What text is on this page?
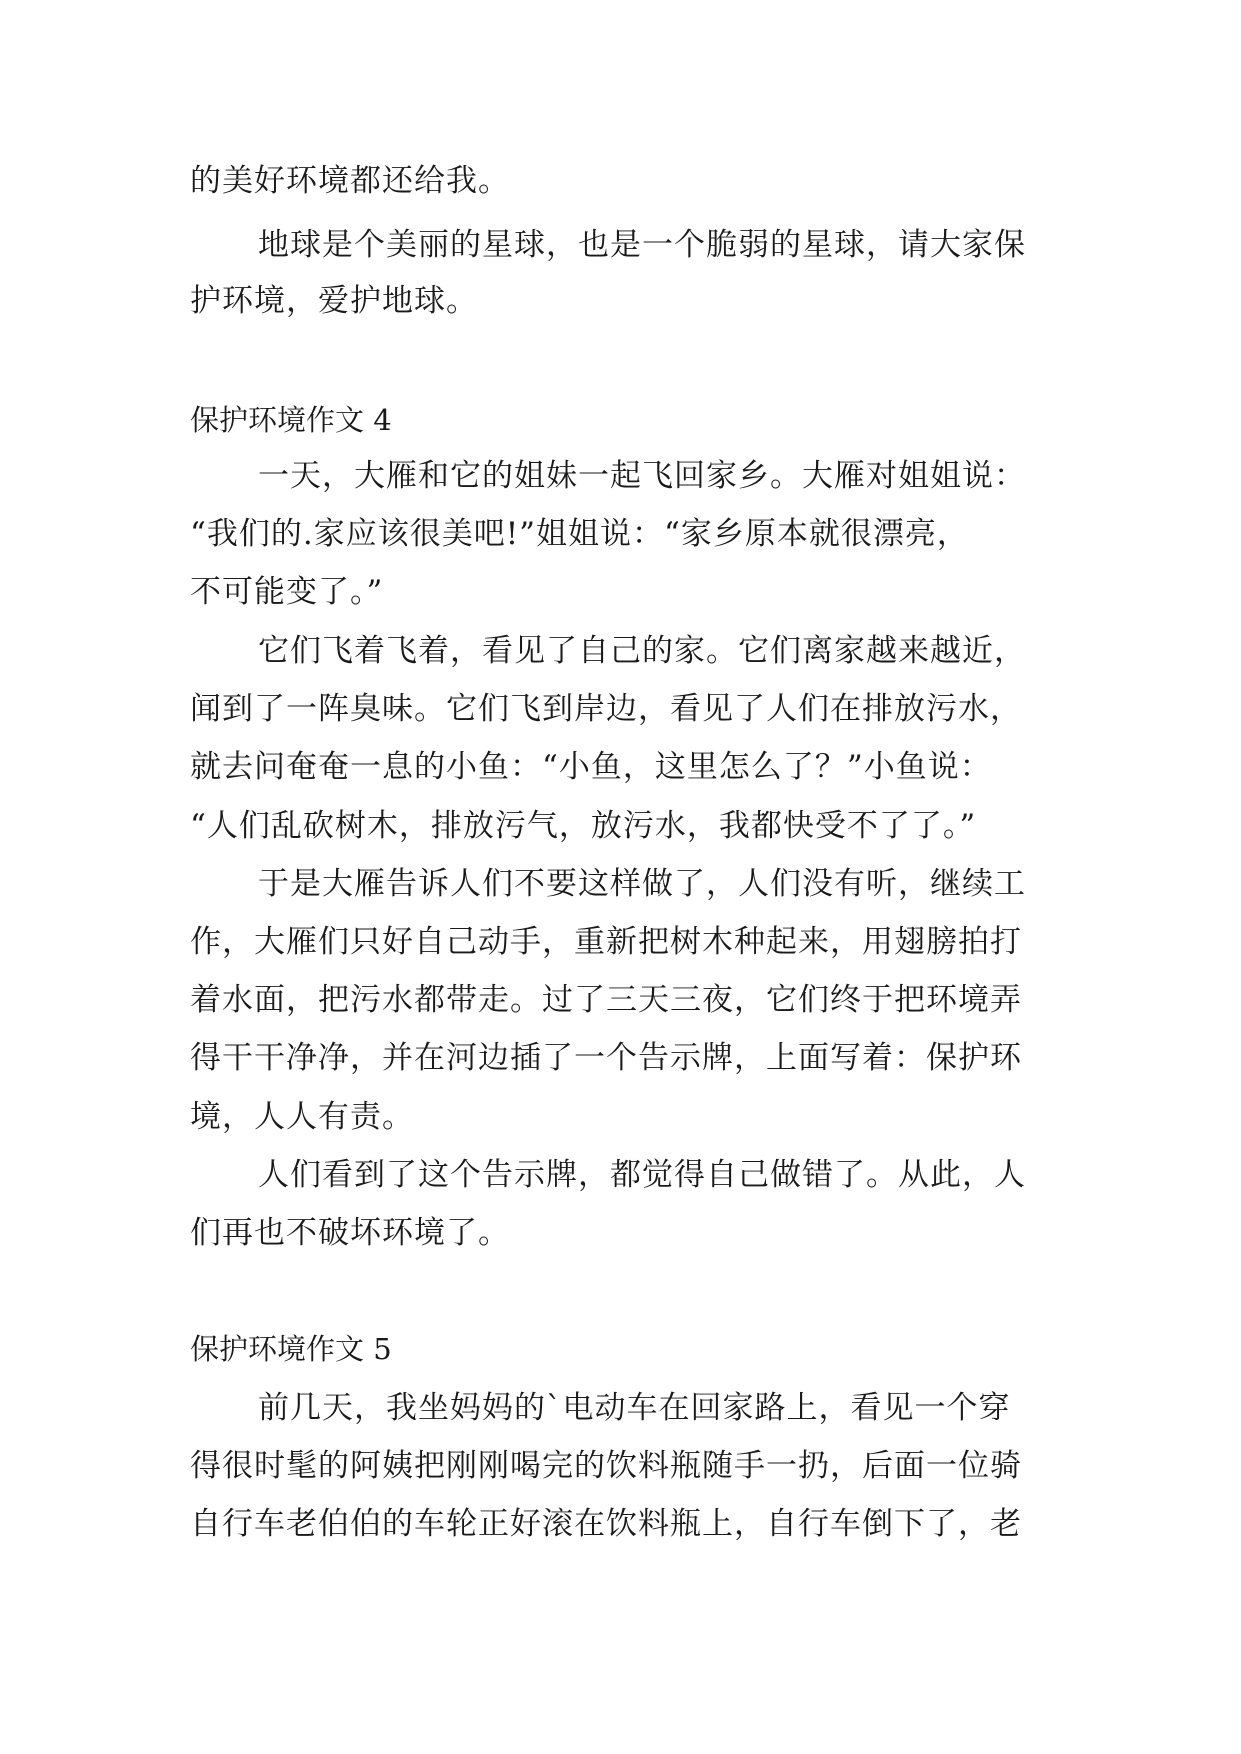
的美好环境都还给我。
地球是个美丽的星球，也是一个脆弱的星球，请大家保
护环境，爱护地球。
保护环境作文 4
一天，大雁和它的姐妹一起飞回家乡。大雁对姐姐说：
“我们的.家应该很美吧!”姐姐说：“家乡原本就很漂亮，
不可能变了。”
它们飞着飞着，看见了自己的家。它们离家越来越近，
闻到了一阵臭味。它们飞到岸边，看见了人们在排放污水，
就去问奄奄一息的小鱼：“小鱼，这里怎么了？”小鱼说：
“人们乱砍树木，排放污气，放污水，我都快受不了了。”
于是大雁告诉人们不要这样做了，人们没有听，继续工
作，大雁们只好自己动手，重新把树木种起来，用翅膀拍打
着水面，把污水都带走。过了三天三夜，它们终于把环境弄
得干干净净，并在河边插了一个告示牌，上面写着：保护环
境，人人有责。
人们看到了这个告示牌，都觉得自己做错了。从此，人
们再也不破坏环境了。
保护环境作文 5
前几天，我坐妈妈的`电动车在回家路上，看见一个穿
得很时髦的阿姨把刚刚喝完的饮料瓶随手一扔，后面一位骑
自行车老伯伯的车轮正好滚在饮料瓶上，自行车倒下了，老
